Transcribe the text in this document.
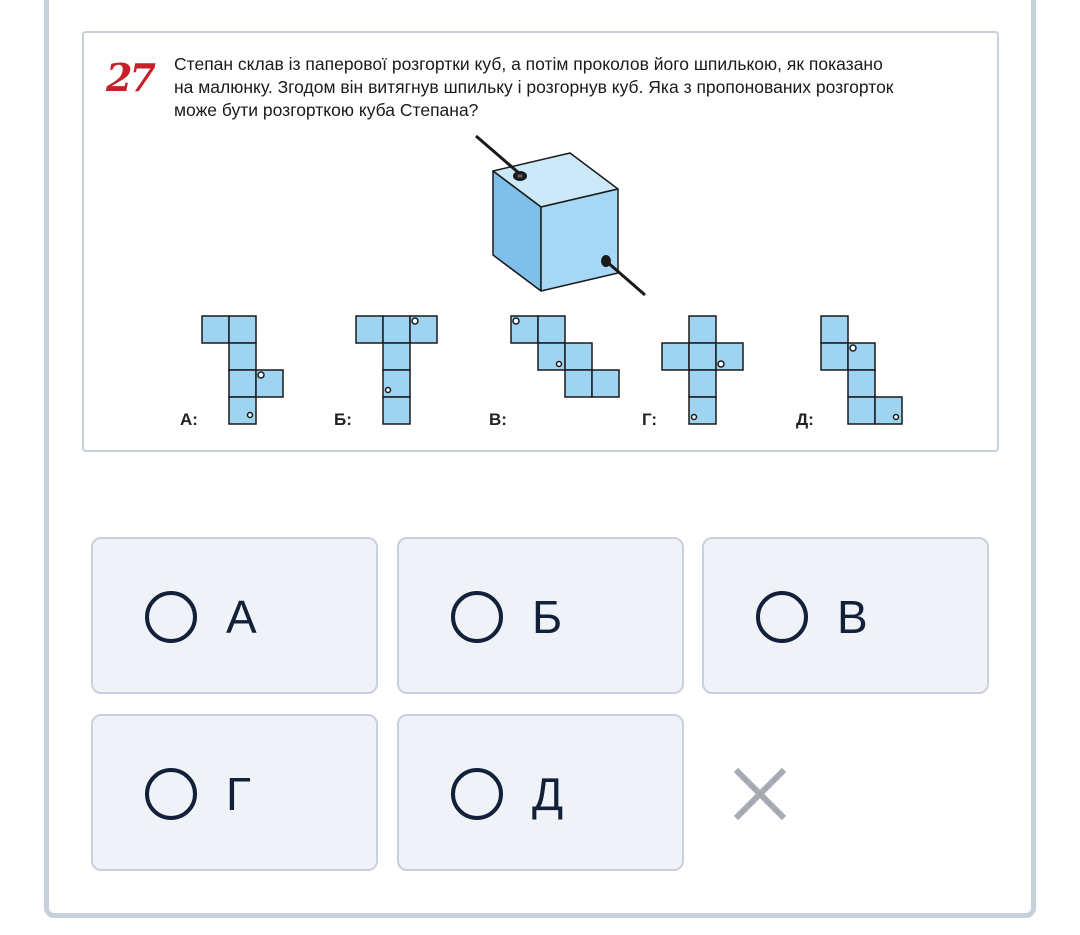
27 Степан склав із паперової розгортки куб, а потім проколов його шпилькою, як показано
на малюнку. Згодом він витягнув шпильку і розгорнув куб. Яка з пропонованих розгорток
може бути розгорткою куба Степана?
А:	Б:	В:	Г:	Д:
А	Б	В
Г	Д
